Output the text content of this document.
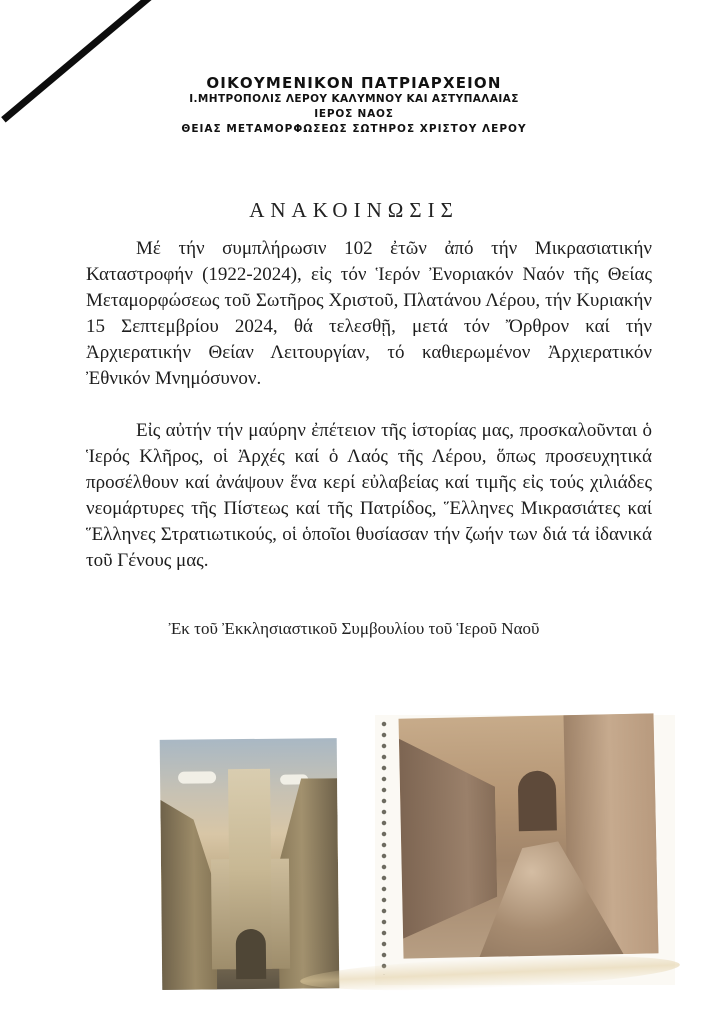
ΟΙΚΟΥΜΕΝΙΚΟΝ ΠΑΤΡΙΑΡΧΕΙΟΝ
Ι.ΜΗΤΡΟΠΟΛΙΣ ΛΕΡΟΥ ΚΑΛΥΜΝΟΥ ΚΑΙ ΑΣΤΥΠΑΛΑΙΑΣ
ΙΕΡΟΣ ΝΑΟΣ
ΘΕΙΑΣ ΜΕΤΑΜΟΡΦΩΣΕΩΣ ΣΩΤΗΡΟΣ ΧΡΙΣΤΟΥ ΛΕΡΟΥ
ΑΝΑΚΟΙΝΩΣΙΣ

Μέ τήν συμπλήρωσιν 102 ἐτῶν ἀπό τήν Μικρασιατικήν Καταστροφήν (1922-2024), εἰς τόν Ἱερόν Ἐνοριακόν Ναόν τῆς Θείας Μεταμορφώσεως τοῦ Σωτῆρος Χριστοῦ, Πλατάνου Λέρου, τήν Κυριακήν 15 Σεπτεμβρίου 2024, θά τελεσθῇ, μετά τόν Ὄρθρον καί τήν Ἀρχιερατικήν Θείαν Λειτουργίαν, τό καθιερωμένον Ἀρχιερατικόν Ἐθνικόν Μνημόσυνον.

Εἰς αὐτήν τήν μαύρην ἐπέτειον τῆς ἱστορίας μας, προσκαλοῦνται ὁ Ἱερός Κλῆρος, οἱ Ἀρχές καί ὁ Λαός τῆς Λέρου, ὅπως προσευχητικά προσέλθουν καί ἀνάψουν ἕνα κερί εὐλαβείας καί τιμῆς εἰς τούς χιλιάδες νεομάρτυρες τῆς Πίστεως καί τῆς Πατρίδος, Ἕλληνες Μικρασιάτες καί Ἕλληνες Στρατιωτικούς, οἱ ὁποῖοι θυσίασαν τήν ζωήν των διά τά ἰδανικά τοῦ Γένους μας.

Ἐκ τοῦ Ἐκκλησιαστικοῦ Συμβουλίου τοῦ Ἱεροῦ Ναοῦ
